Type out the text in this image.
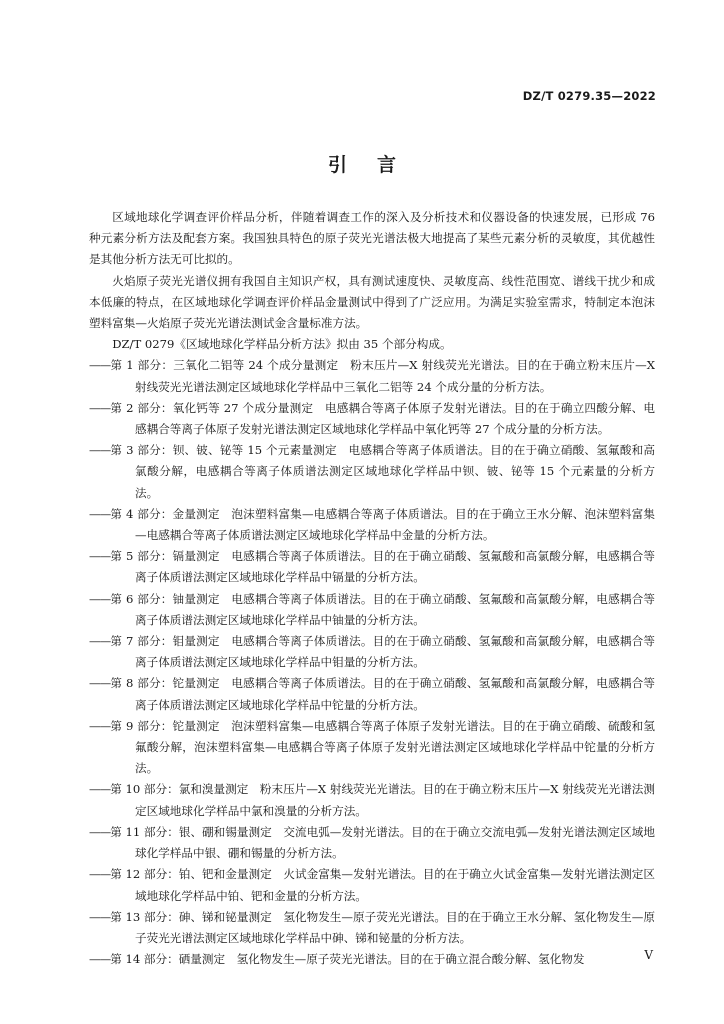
DZ/T 0279.35—2022
引言

区域地球化学调查评价样品分析，伴随着调查工作的深入及分析技术和仪器设备的快速发展，已形成 76 种元素分析方法及配套方案。我国独具特色的原子荧光光谱法极大地提高了某些元素分析的灵敏度，其优越性是其他分析方法无可比拟的。

火焰原子荧光光谱仪拥有我国自主知识产权，具有测试速度快、灵敏度高、线性范围宽、谱线干扰少和成本低廉的特点，在区域地球化学调查评价样品金量测试中得到了广泛应用。为满足实验室需求，特制定本泡沫塑料富集—火焰原子荧光光谱法测试金含量标准方法。

DZ/T 0279《区域地球化学样品分析方法》拟由 35 个部分构成。

——第 1 部分：三氧化二铝等 24 个成分量测定　粉末压片—X 射线荧光光谱法。目的在于确立粉末压片—X 射线荧光光谱法测定区域地球化学样品中三氧化二铝等 24 个成分量的分析方法。

——第 2 部分：氧化钙等 27 个成分量测定　电感耦合等离子体原子发射光谱法。目的在于确立四酸分解、电感耦合等离子体原子发射光谱法测定区域地球化学样品中氧化钙等 27 个成分量的分析方法。

——第 3 部分：钡、铍、铋等 15 个元素量测定　电感耦合等离子体质谱法。目的在于确立硝酸、氢氟酸和高氯酸分解，电感耦合等离子体质谱法测定区域地球化学样品中钡、铍、铋等 15 个元素量的分析方法。

——第 4 部分：金量测定　泡沫塑料富集—电感耦合等离子体质谱法。目的在于确立王水分解、泡沫塑料富集—电感耦合等离子体质谱法测定区域地球化学样品中金量的分析方法。

——第 5 部分：镉量测定　电感耦合等离子体质谱法。目的在于确立硝酸、氢氟酸和高氯酸分解，电感耦合等离子体质谱法测定区域地球化学样品中镉量的分析方法。

——第 6 部分：铀量测定　电感耦合等离子体质谱法。目的在于确立硝酸、氢氟酸和高氯酸分解，电感耦合等离子体质谱法测定区域地球化学样品中铀量的分析方法。

——第 7 部分：钼量测定　电感耦合等离子体质谱法。目的在于确立硝酸、氢氟酸和高氯酸分解，电感耦合等离子体质谱法测定区域地球化学样品中钼量的分析方法。

——第 8 部分：铊量测定　电感耦合等离子体质谱法。目的在于确立硝酸、氢氟酸和高氯酸分解，电感耦合等离子体质谱法测定区域地球化学样品中铊量的分析方法。

——第 9 部分：铊量测定　泡沫塑料富集—电感耦合等离子体原子发射光谱法。目的在于确立硝酸、硫酸和氢氟酸分解，泡沫塑料富集—电感耦合等离子体原子发射光谱法测定区域地球化学样品中铊量的分析方法。

——第 10 部分：氯和溴量测定　粉末压片—X 射线荧光光谱法。目的在于确立粉末压片—X 射线荧光光谱法测定区域地球化学样品中氯和溴量的分析方法。

——第 11 部分：银、硼和锡量测定　交流电弧—发射光谱法。目的在于确立交流电弧—发射光谱法测定区域地球化学样品中银、硼和锡量的分析方法。

——第 12 部分：铂、钯和金量测定　火试金富集—发射光谱法。目的在于确立火试金富集—发射光谱法测定区域地球化学样品中铂、钯和金量的分析方法。

——第 13 部分：砷、锑和铋量测定　氢化物发生—原子荧光光谱法。目的在于确立王水分解、氢化物发生—原子荧光光谱法测定区域地球化学样品中砷、锑和铋量的分析方法。

——第 14 部分：硒量测定　氢化物发生—原子荧光光谱法。目的在于确立混合酸分解、氢化物发	V
